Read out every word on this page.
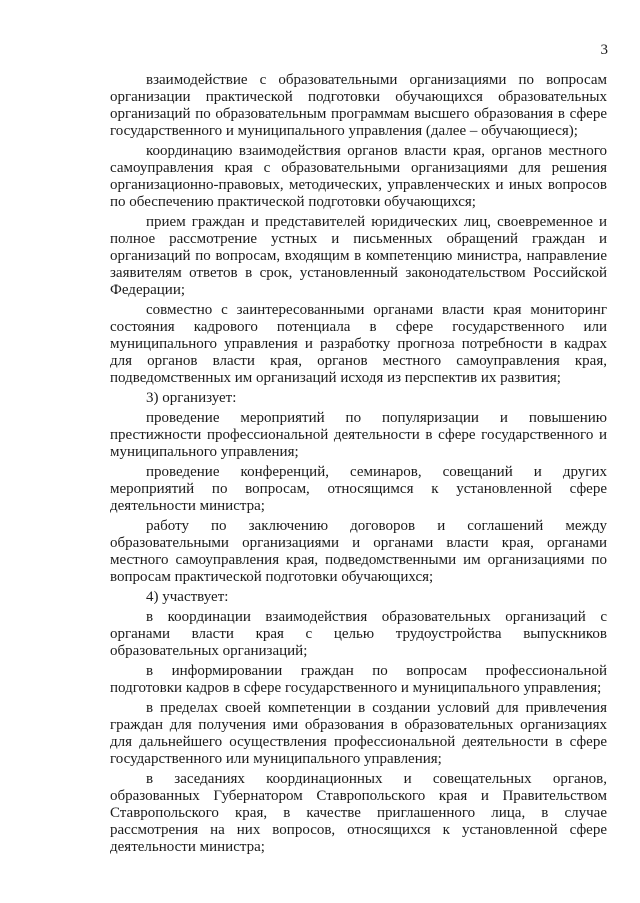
3

взаимодействие с образовательными организациями по вопросам организации практической подготовки обучающихся образовательных организаций по образовательным программам высшего образования в сфере государственного и муниципального управления (далее – обучающиеся);

координацию взаимодействия органов власти края, органов местного самоуправления края с образовательными организациями для решения организационно-правовых, методических, управленческих и иных вопросов по обеспечению практической подготовки обучающихся;

прием граждан и представителей юридических лиц, своевременное и полное рассмотрение устных и письменных обращений граждан и организаций по вопросам, входящим в компетенцию министра, направление заявителям ответов в срок, установленный законодательством Российской Федерации;

совместно с заинтересованными органами власти края мониторинг состояния кадрового потенциала в сфере государственного или муниципального управления и разработку прогноза потребности в кадрах для органов власти края, органов местного самоуправления края, подведомственных им организаций исходя из перспектив их развития;

3) организует:

проведение мероприятий по популяризации и повышению престижности профессиональной деятельности в сфере государственного и муниципального управления;

проведение конференций, семинаров, совещаний и других мероприятий по вопросам, относящимся к установленной сфере деятельности министра;

работу по заключению договоров и соглашений между образовательными организациями и органами власти края, органами местного самоуправления края, подведомственными им организациями по вопросам практической подготовки обучающихся;

4) участвует:

в координации взаимодействия образовательных организаций с органами власти края с целью трудоустройства выпускников образовательных организаций;

в информировании граждан по вопросам профессиональной подготовки кадров в сфере государственного и муниципального управления;

в пределах своей компетенции в создании условий для привлечения граждан для получения ими образования в образовательных организациях для дальнейшего осуществления профессиональной деятельности в сфере государственного или муниципального управления;

в заседаниях координационных и совещательных органов, образованных Губернатором Ставропольского края и Правительством Ставропольского края, в качестве приглашенного лица, в случае рассмотрения на них вопросов, относящихся к установленной сфере деятельности министра;
